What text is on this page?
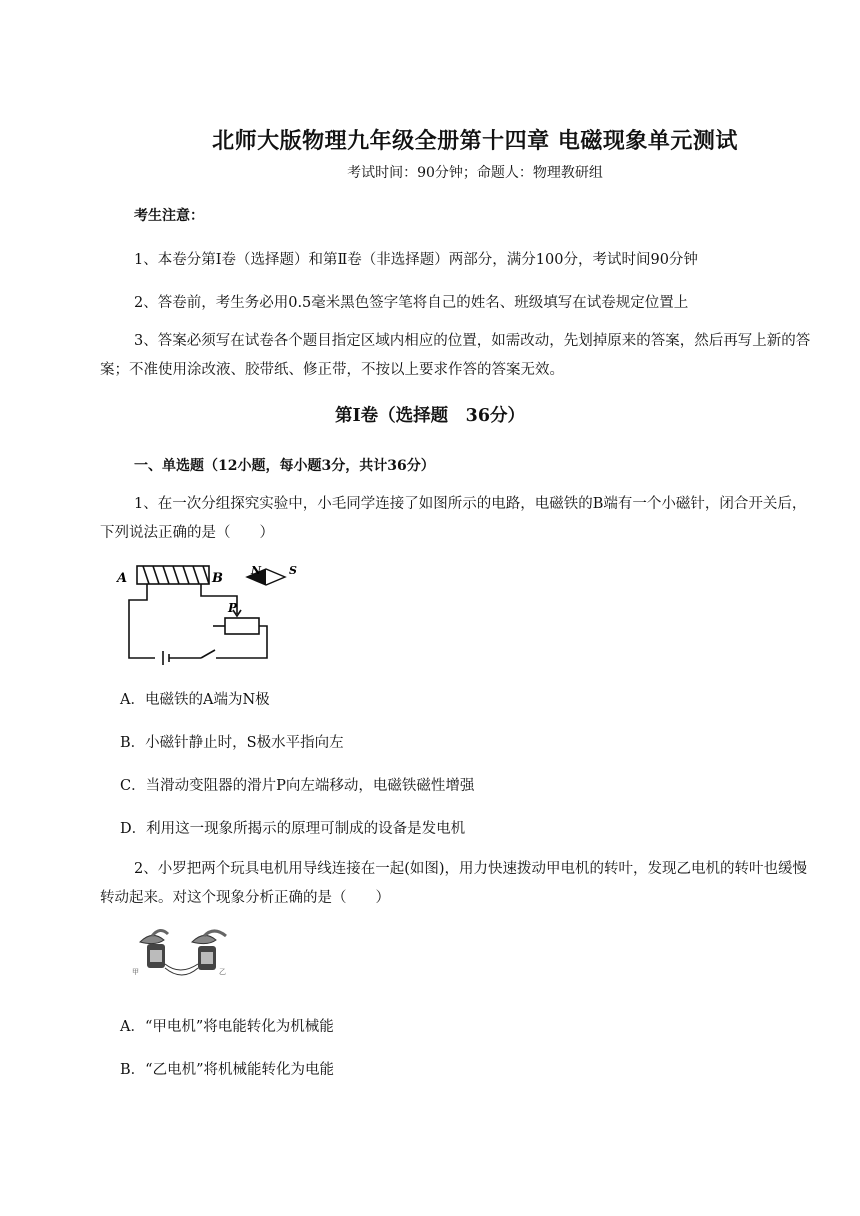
北师大版物理九年级全册第十四章 电磁现象单元测试
考试时间：90分钟；命题人：物理教研组
考生注意：
1、本卷分第Ⅰ卷（选择题）和第Ⅱ卷（非选择题）两部分，满分100分，考试时间90分钟
2、答卷前，考生务必用0.5毫米黑色签字笔将自己的姓名、班级填写在试卷规定位置上
3、答案必须写在试卷各个题目指定区域内相应的位置，如需改动，先划掉原来的答案，然后再写上新的答案；不准使用涂改液、胶带纸、修正带，不按以上要求作答的答案无效。
第Ⅰ卷（选择题　36分）
一、单选题（12小题，每小题3分，共计36分）
1、在一次分组探究实验中，小毛同学连接了如图所示的电路，电磁铁的B端有一个小磁针，闭合开关后，下列说法正确的是（　　）
A	B
N	S
P
A．电磁铁的A端为N极
B．小磁针静止时，S极水平指向左
C．当滑动变阻器的滑片P向左端移动，电磁铁磁性增强
D．利用这一现象所揭示的原理可制成的设备是发电机
2、小罗把两个玩具电机用导线连接在一起(如图)，用力快速拨动甲电机的转叶，发现乙电机的转叶也缓慢转动起来。对这个现象分析正确的是（　　）
甲	乙
A．“甲电机”将电能转化为机械能
B．“乙电机”将机械能转化为电能
